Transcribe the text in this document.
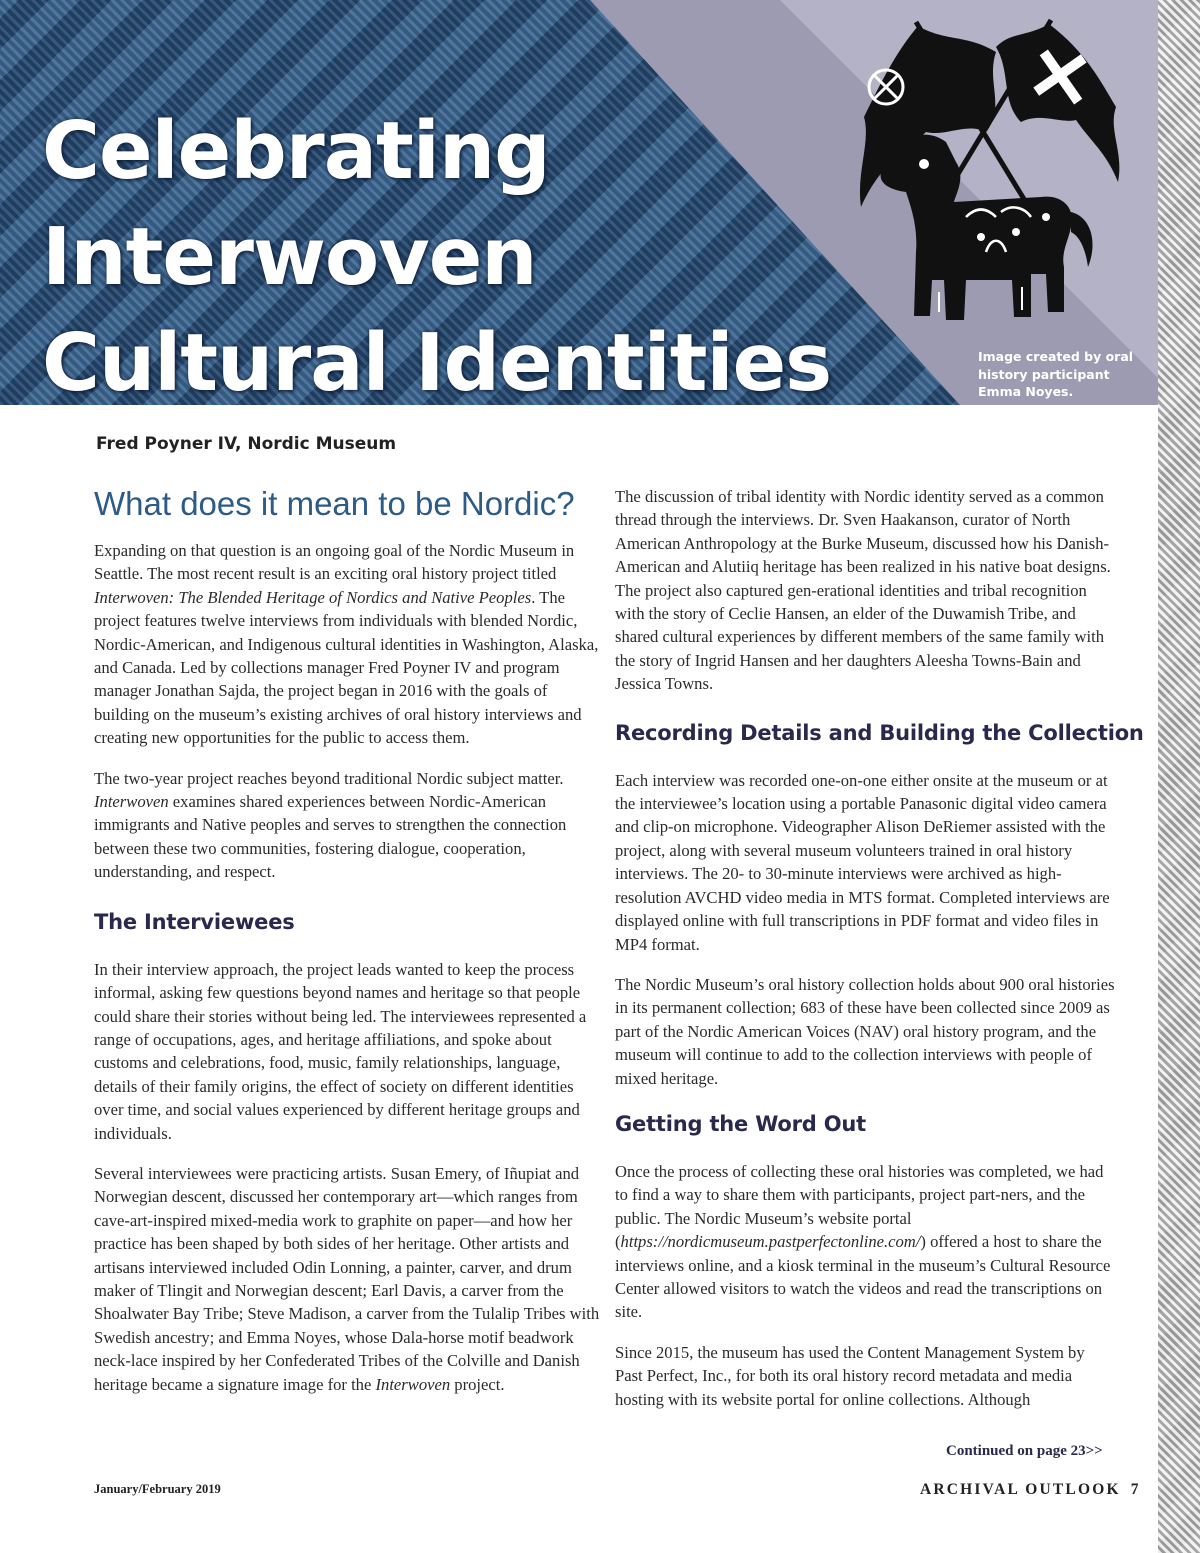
Celebrating
Interwoven
Cultural Identities	Image created by oral history participant Emma Noyes.

Fred Poyner IV, Nordic Museum

What does it mean to be Nordic?

Expanding on that question is an ongoing goal of the Nordic Museum in Seattle. The most recent result is an exciting oral history project titled Interwoven: The Blended Heritage of Nordics and Native Peoples. The project features twelve interviews from individuals with blended Nordic, Nordic-American, and Indigenous cultural identities in Washington, Alaska, and Canada. Led by collections manager Fred Poyner IV and program manager Jonathan Sajda, the project began in 2016 with the goals of building on the museum’s existing archives of oral history interviews and creating new opportunities for the public to access them.

The two-year project reaches beyond traditional Nordic subject matter. Interwoven examines shared experiences between Nordic-American immigrants and Native peoples and serves to strengthen the connection between these two communities, fostering dialogue, cooperation, understanding, and respect.

The Interviewees

In their interview approach, the project leads wanted to keep the process informal, asking few questions beyond names and heritage so that people could share their stories without being led. The interviewees represented a range of occupations, ages, and heritage affiliations, and spoke about customs and celebrations, food, music, family relationships, language, details of their family origins, the effect of society on different identities over time, and social values experienced by different heritage groups and individuals.

Several interviewees were practicing artists. Susan Emery, of Iñupiat and Norwegian descent, discussed her contemporary art—which ranges from cave-art-inspired mixed-media work to graphite on paper—and how her practice has been shaped by both sides of her heritage. Other artists and artisans interviewed included Odin Lonning, a painter, carver, and drum maker of Tlingit and Norwegian descent; Earl Davis, a carver from the Shoalwater Bay Tribe; Steve Madison, a carver from the Tulalip Tribes with Swedish ancestry; and Emma Noyes, whose Dala-horse motif beadwork neck-lace inspired by her Confederated Tribes of the Colville and Danish heritage became a signature image for the Interwoven project.

The discussion of tribal identity with Nordic identity served as a common thread through the interviews. Dr. Sven Haakanson, curator of North American Anthropology at the Burke Museum, discussed how his Danish-American and Alutiiq heritage has been realized in his native boat designs. The project also captured gen-erational identities and tribal recognition with the story of Ceclie Hansen, an elder of the Duwamish Tribe, and shared cultural experiences by different members of the same family with the story of Ingrid Hansen and her daughters Aleesha Towns-Bain and Jessica Towns.

Recording Details and Building the Collection

Each interview was recorded one-on-one either onsite at the museum or at the interviewee’s location using a portable Panasonic digital video camera and clip-on microphone. Videographer Alison DeRiemer assisted with the project, along with several museum volunteers trained in oral history interviews. The 20- to 30-minute interviews were archived as high-resolution AVCHD video media in MTS format. Completed interviews are displayed online with full transcriptions in PDF format and video files in MP4 format.

The Nordic Museum’s oral history collection holds about 900 oral histories in its permanent collection; 683 of these have been collected since 2009 as part of the Nordic American Voices (NAV) oral history program, and the museum will continue to add to the collection interviews with people of mixed heritage.

Getting the Word Out

Once the process of collecting these oral histories was completed, we had to find a way to share them with participants, project part-ners, and the public. The Nordic Museum’s website portal (https://nordicmuseum.pastperfectonline.com/) offered a host to share the interviews online, and a kiosk terminal in the museum’s Cultural Resource Center allowed visitors to watch the videos and read the transcriptions on site.

Since 2015, the museum has used the Content Management System by Past Perfect, Inc., for both its oral history record metadata and media hosting with its website portal for online collections. Although

Continued on page 23>>

January/February 2019	ARCHIVAL OUTLOOK 7
